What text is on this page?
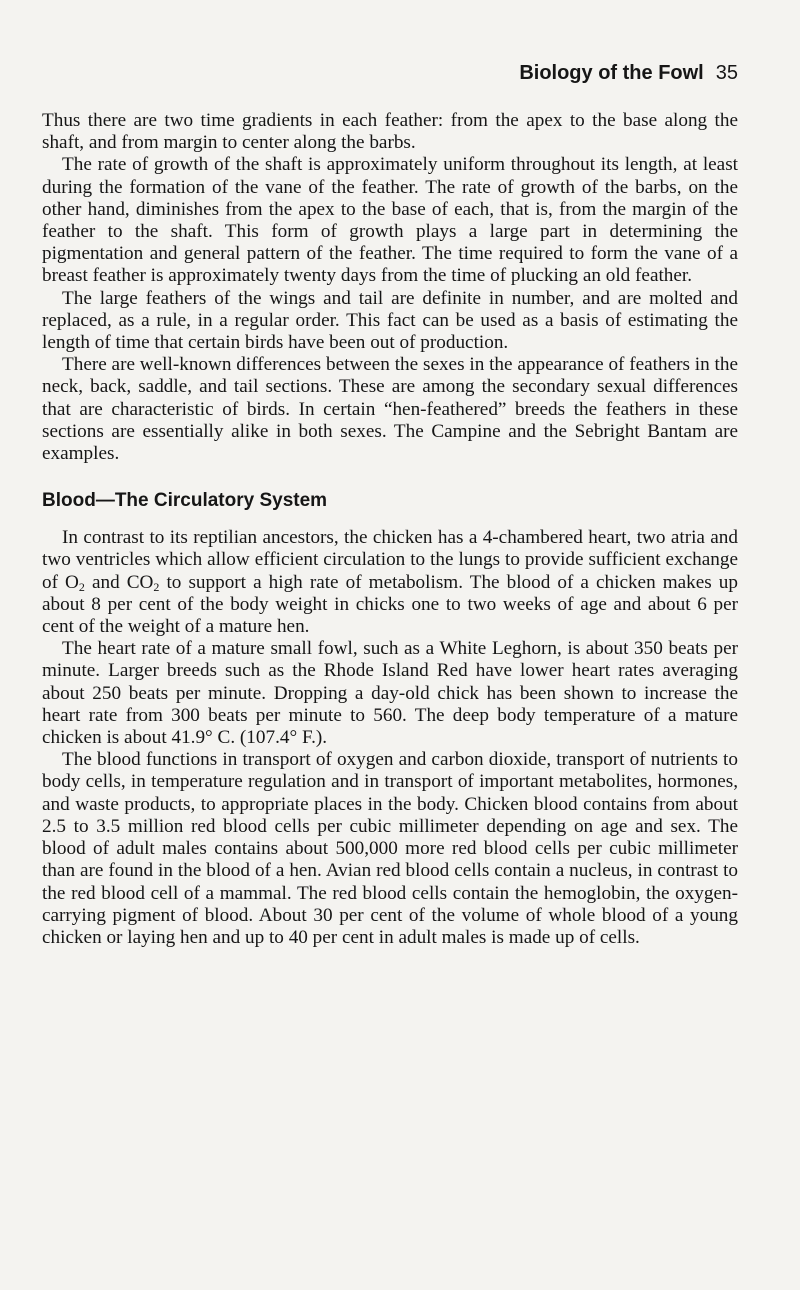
Biology of the Fowl 35

Thus there are two time gradients in each feather: from the apex to the base along the shaft, and from margin to center along the barbs.

The rate of growth of the shaft is approximately uniform throughout its length, at least during the formation of the vane of the feather. The rate of growth of the barbs, on the other hand, diminishes from the apex to the base of each, that is, from the margin of the feather to the shaft. This form of growth plays a large part in determining the pigmentation and general pattern of the feather. The time required to form the vane of a breast feather is approximately twenty days from the time of plucking an old feather.

The large feathers of the wings and tail are definite in number, and are molted and replaced, as a rule, in a regular order. This fact can be used as a basis of estimating the length of time that certain birds have been out of production.

There are well-known differences between the sexes in the appearance of feathers in the neck, back, saddle, and tail sections. These are among the secondary sexual differences that are characteristic of birds. In certain “hen-feathered” breeds the feathers in these sections are essentially alike in both sexes. The Campine and the Sebright Bantam are examples.

Blood—The Circulatory System

In contrast to its reptilian ancestors, the chicken has a 4-chambered heart, two atria and two ventricles which allow efficient circulation to the lungs to provide sufficient exchange of $O_2$ and $CO_2$ to support a high rate of metabolism. The blood of a chicken makes up about 8 per cent of the body weight in chicks one to two weeks of age and about 6 per cent of the weight of a mature hen.

The heart rate of a mature small fowl, such as a White Leghorn, is about 350 beats per minute. Larger breeds such as the Rhode Island Red have lower heart rates averaging about 250 beats per minute. Dropping a day-old chick has been shown to increase the heart rate from 300 beats per minute to 560. The deep body temperature of a mature chicken is about 41.9° C. (107.4° F.).

The blood functions in transport of oxygen and carbon dioxide, transport of nutrients to body cells, in temperature regulation and in transport of important metabolites, hormones, and waste products, to appropriate places in the body. Chicken blood contains from about 2.5 to 3.5 million red blood cells per cubic millimeter depending on age and sex. The blood of adult males contains about 500,000 more red blood cells per cubic millimeter than are found in the blood of a hen. Avian red blood cells contain a nucleus, in contrast to the red blood cell of a mammal. The red blood cells contain the hemoglobin, the oxygen-carrying pigment of blood. About 30 per cent of the volume of whole blood of a young chicken or laying hen and up to 40 per cent in adult males is made up of cells.
